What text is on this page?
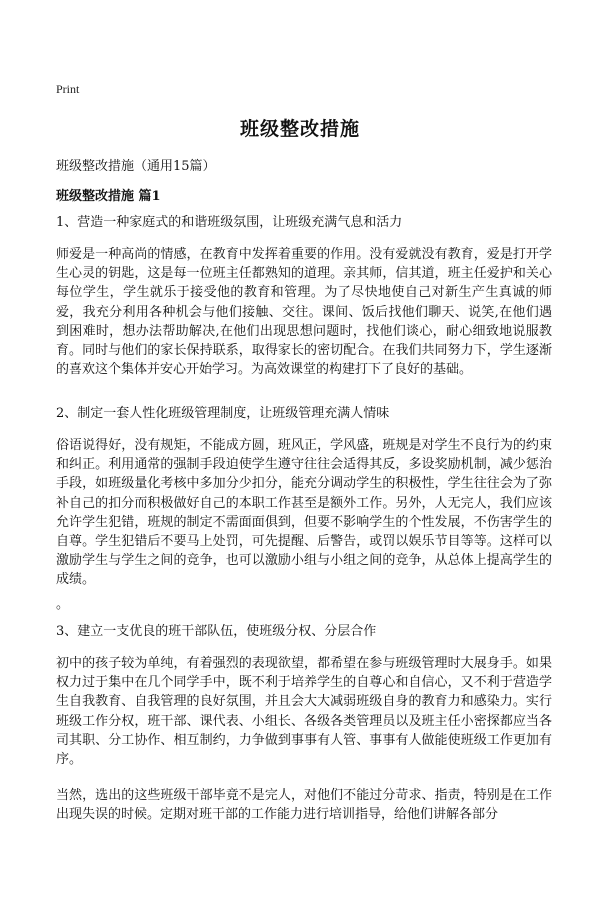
Print
班级整改措施
班级整改措施（通用15篇）
班级整改措施 篇1
1、营造一种家庭式的和谐班级氛围，让班级充满气息和活力
师爱是一种高尚的情感，在教育中发挥着重要的作用。没有爱就没有教育，爱是打开学生心灵的钥匙，这是每一位班主任都熟知的道理。亲其师，信其道，班主任爱护和关心每位学生，学生就乐于接受他的教育和管理。为了尽快地使自己对新生产生真诚的师爱，我充分利用各种机会与他们接触、交往。课间、饭后找他们聊天、说笑,在他们遇到困难时，想办法帮助解决,在他们出现思想问题时，找他们谈心，耐心细致地说服教育。同时与他们的家长保持联系，取得家长的密切配合。在我们共同努力下，学生逐渐的喜欢这个集体并安心开始学习。为高效课堂的构建打下了良好的基础。
2、制定一套人性化班级管理制度，让班级管理充满人情味
俗语说得好，没有规矩，不能成方圆，班风正，学风盛，班规是对学生不良行为的约束和纠正。利用通常的强制手段迫使学生遵守往往会适得其反，多设奖励机制，减少惩治手段，如班级量化考核中多加分少扣分，能充分调动学生的积极性，学生往往会为了弥补自己的扣分而积极做好自己的本职工作甚至是额外工作。另外，人无完人，我们应该允许学生犯错，班规的制定不需面面俱到，但要不影响学生的个性发展，不伤害学生的自尊。学生犯错后不要马上处罚，可先提醒、后警告，或罚以娱乐节目等等。这样可以激励学生与学生之间的竞争，也可以激励小组与小组之间的竞争，从总体上提高学生的成绩。
。
3、建立一支优良的班干部队伍，使班级分权、分层合作
初中的孩子较为单纯，有着强烈的表现欲望，都希望在参与班级管理时大展身手。如果权力过于集中在几个同学手中，既不利于培养学生的自尊心和自信心，又不利于营造学生自我教育、自我管理的良好氛围，并且会大大减弱班级自身的教育力和感染力。实行班级工作分权，班干部、课代表、小组长、各级各类管理员以及班主任小密探都应当各司其职、分工协作、相互制约，力争做到事事有人管、事事有人做能使班级工作更加有序。
当然，选出的这些班级干部毕竟不是完人，对他们不能过分苛求、指责，特别是在工作出现失误的时候。定期对班干部的工作能力进行培训指导，给他们讲解各部分
